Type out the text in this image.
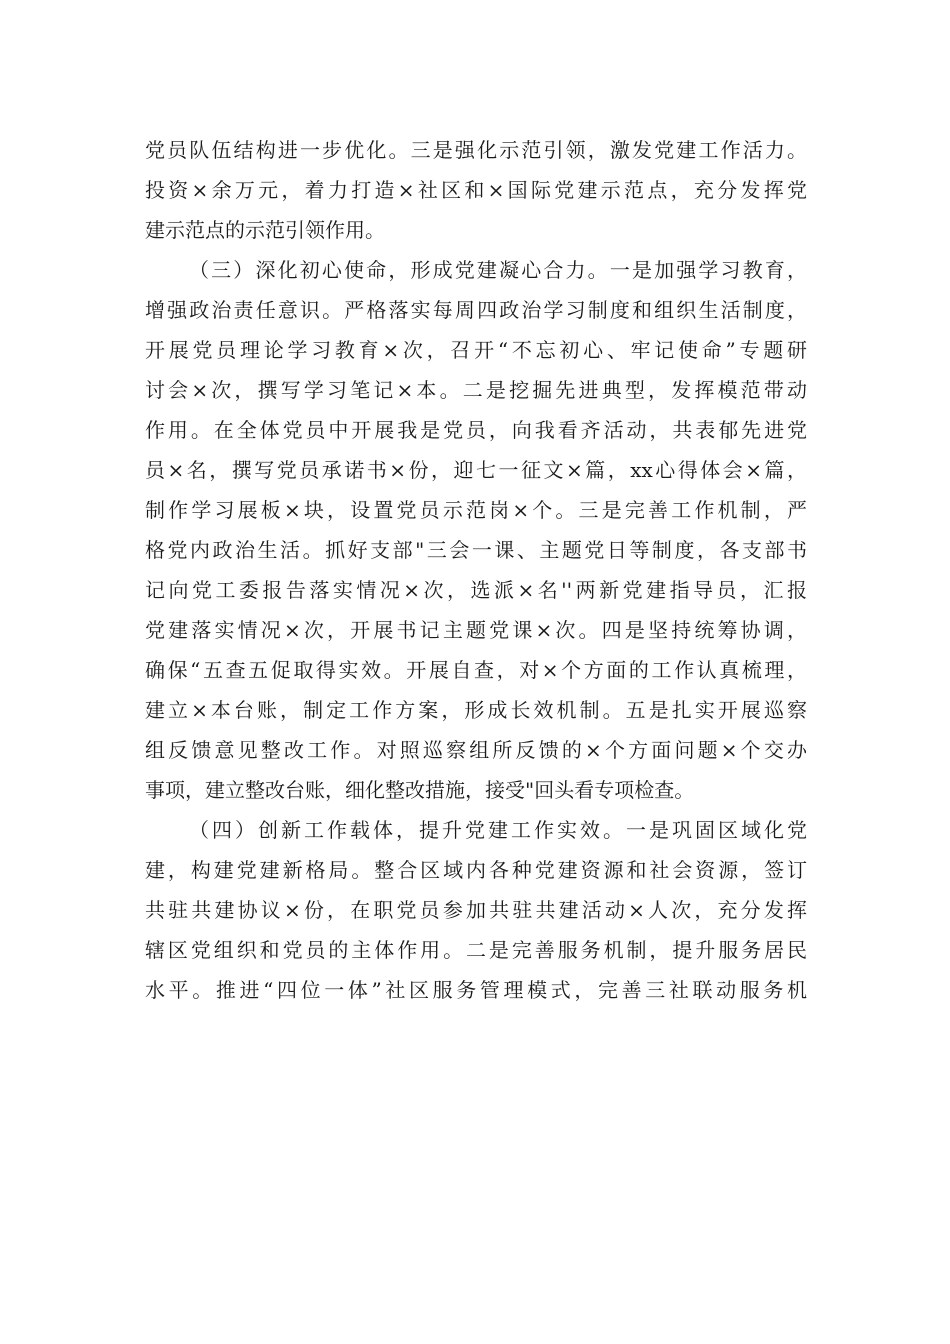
党员队伍结构进一步优化。三是强化示范引领，激发党建工作活力。
投资×余万元，着力打造×社区和×国际党建示范点，充分发挥党
建示范点的示范引领作用。
（三）深化初心使命，形成党建凝心合力。一是加强学习教育，
增强政治责任意识。严格落实每周四政治学习制度和组织生活制度，
开展党员理论学习教育×次，召开“不忘初心、牢记使命”专题研
讨会×次，撰写学习笔记×本。二是挖掘先进典型，发挥模范带动
作用。在全体党员中开展我是党员，向我看齐活动，共表郁先进党
员×名，撰写党员承诺书×份，迎七一征文×篇，xx心得体会×篇，
制作学习展板×块，设置党员示范岗×个。三是完善工作机制，严
格党内政治生活。抓好支部"三会一课、主题党日等制度，各支部书
记向党工委报告落实情况×次，选派×名''两新党建指导员，汇报
党建落实情况×次，开展书记主题党课×次。四是坚持统筹协调，
确保“五查五促取得实效。开展自查，对×个方面的工作认真梳理，
建立×本台账，制定工作方案，形成长效机制。五是扎实开展巡察
组反馈意见整改工作。对照巡察组所反馈的×个方面问题×个交办
事项，建立整改台账，细化整改措施，接受"回头看专项检查。
（四）创新工作载体，提升党建工作实效。一是巩固区域化党
建，构建党建新格局。整合区域内各种党建资源和社会资源，签订
共驻共建协议×份，在职党员参加共驻共建活动×人次，充分发挥
辖区党组织和党员的主体作用。二是完善服务机制，提升服务居民
水平。推进“四位一体”社区服务管理模式，完善三社联动服务机
